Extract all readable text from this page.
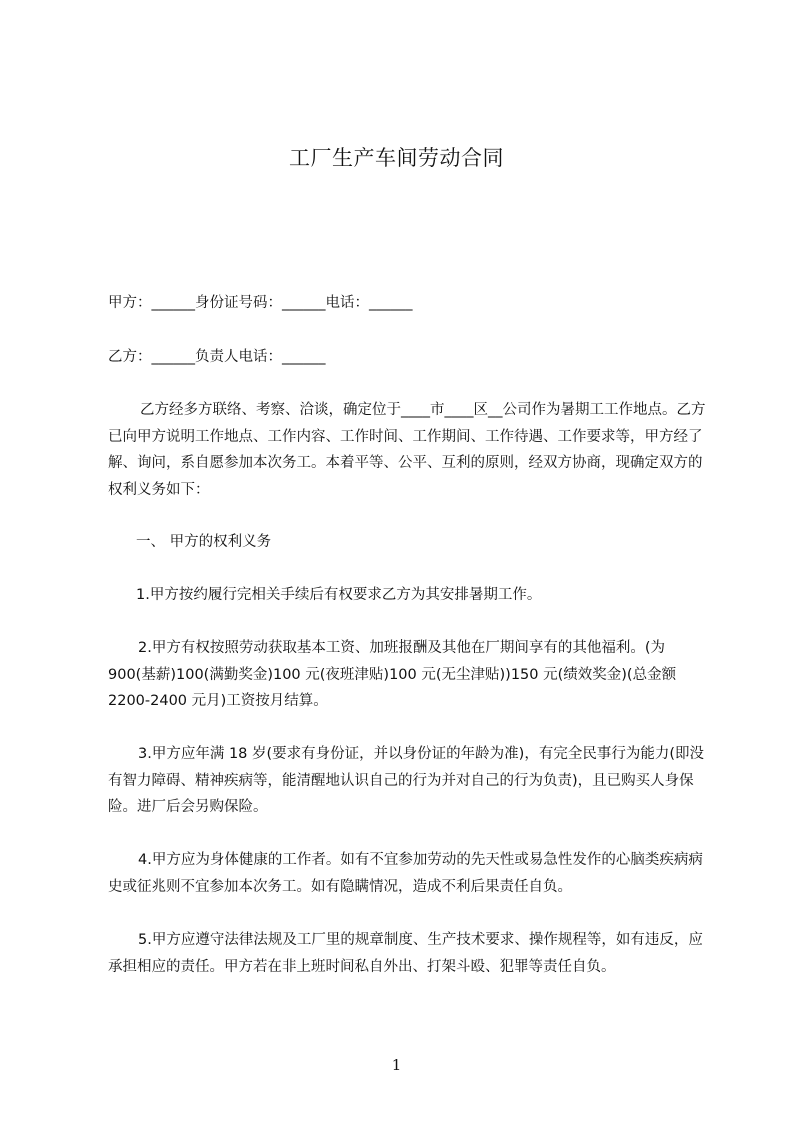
工厂生产车间劳动合同

甲方：______身份证号码：______电话：______

乙方：______负责人电话：______

乙方经多方联络、考察、洽谈，确定位于____市____区__公司作为暑期工工作地点。乙方已向甲方说明工作地点、工作内容、工作时间、工作期间、工作待遇、工作要求等，甲方经了解、询问，系自愿参加本次务工。本着平等、公平、互利的原则，经双方协商，现确定双方的权利义务如下：

一、 甲方的权利义务

1.甲方按约履行完相关手续后有权要求乙方为其安排暑期工作。

2.甲方有权按照劳动获取基本工资、加班报酬及其他在厂期间享有的其他福利。(为 900(基薪)100(满勤奖金)100 元(夜班津贴)100 元(无尘津贴))150 元(绩效奖金)(总金额 2200-2400 元月)工资按月结算。

3.甲方应年满 18 岁(要求有身份证，并以身份证的年龄为准)，有完全民事行为能力(即没有智力障碍、精神疾病等，能清醒地认识自己的行为并对自己的行为负责)，且已购买人身保险。进厂后会另购保险。

4.甲方应为身体健康的工作者。如有不宜参加劳动的先天性或易急性发作的心脑类疾病病史或征兆则不宜参加本次务工。如有隐瞒情况，造成不利后果责任自负。

5.甲方应遵守法律法规及工厂里的规章制度、生产技术要求、操作规程等，如有违反，应承担相应的责任。甲方若在非上班时间私自外出、打架斗殴、犯罪等责任自负。

1
